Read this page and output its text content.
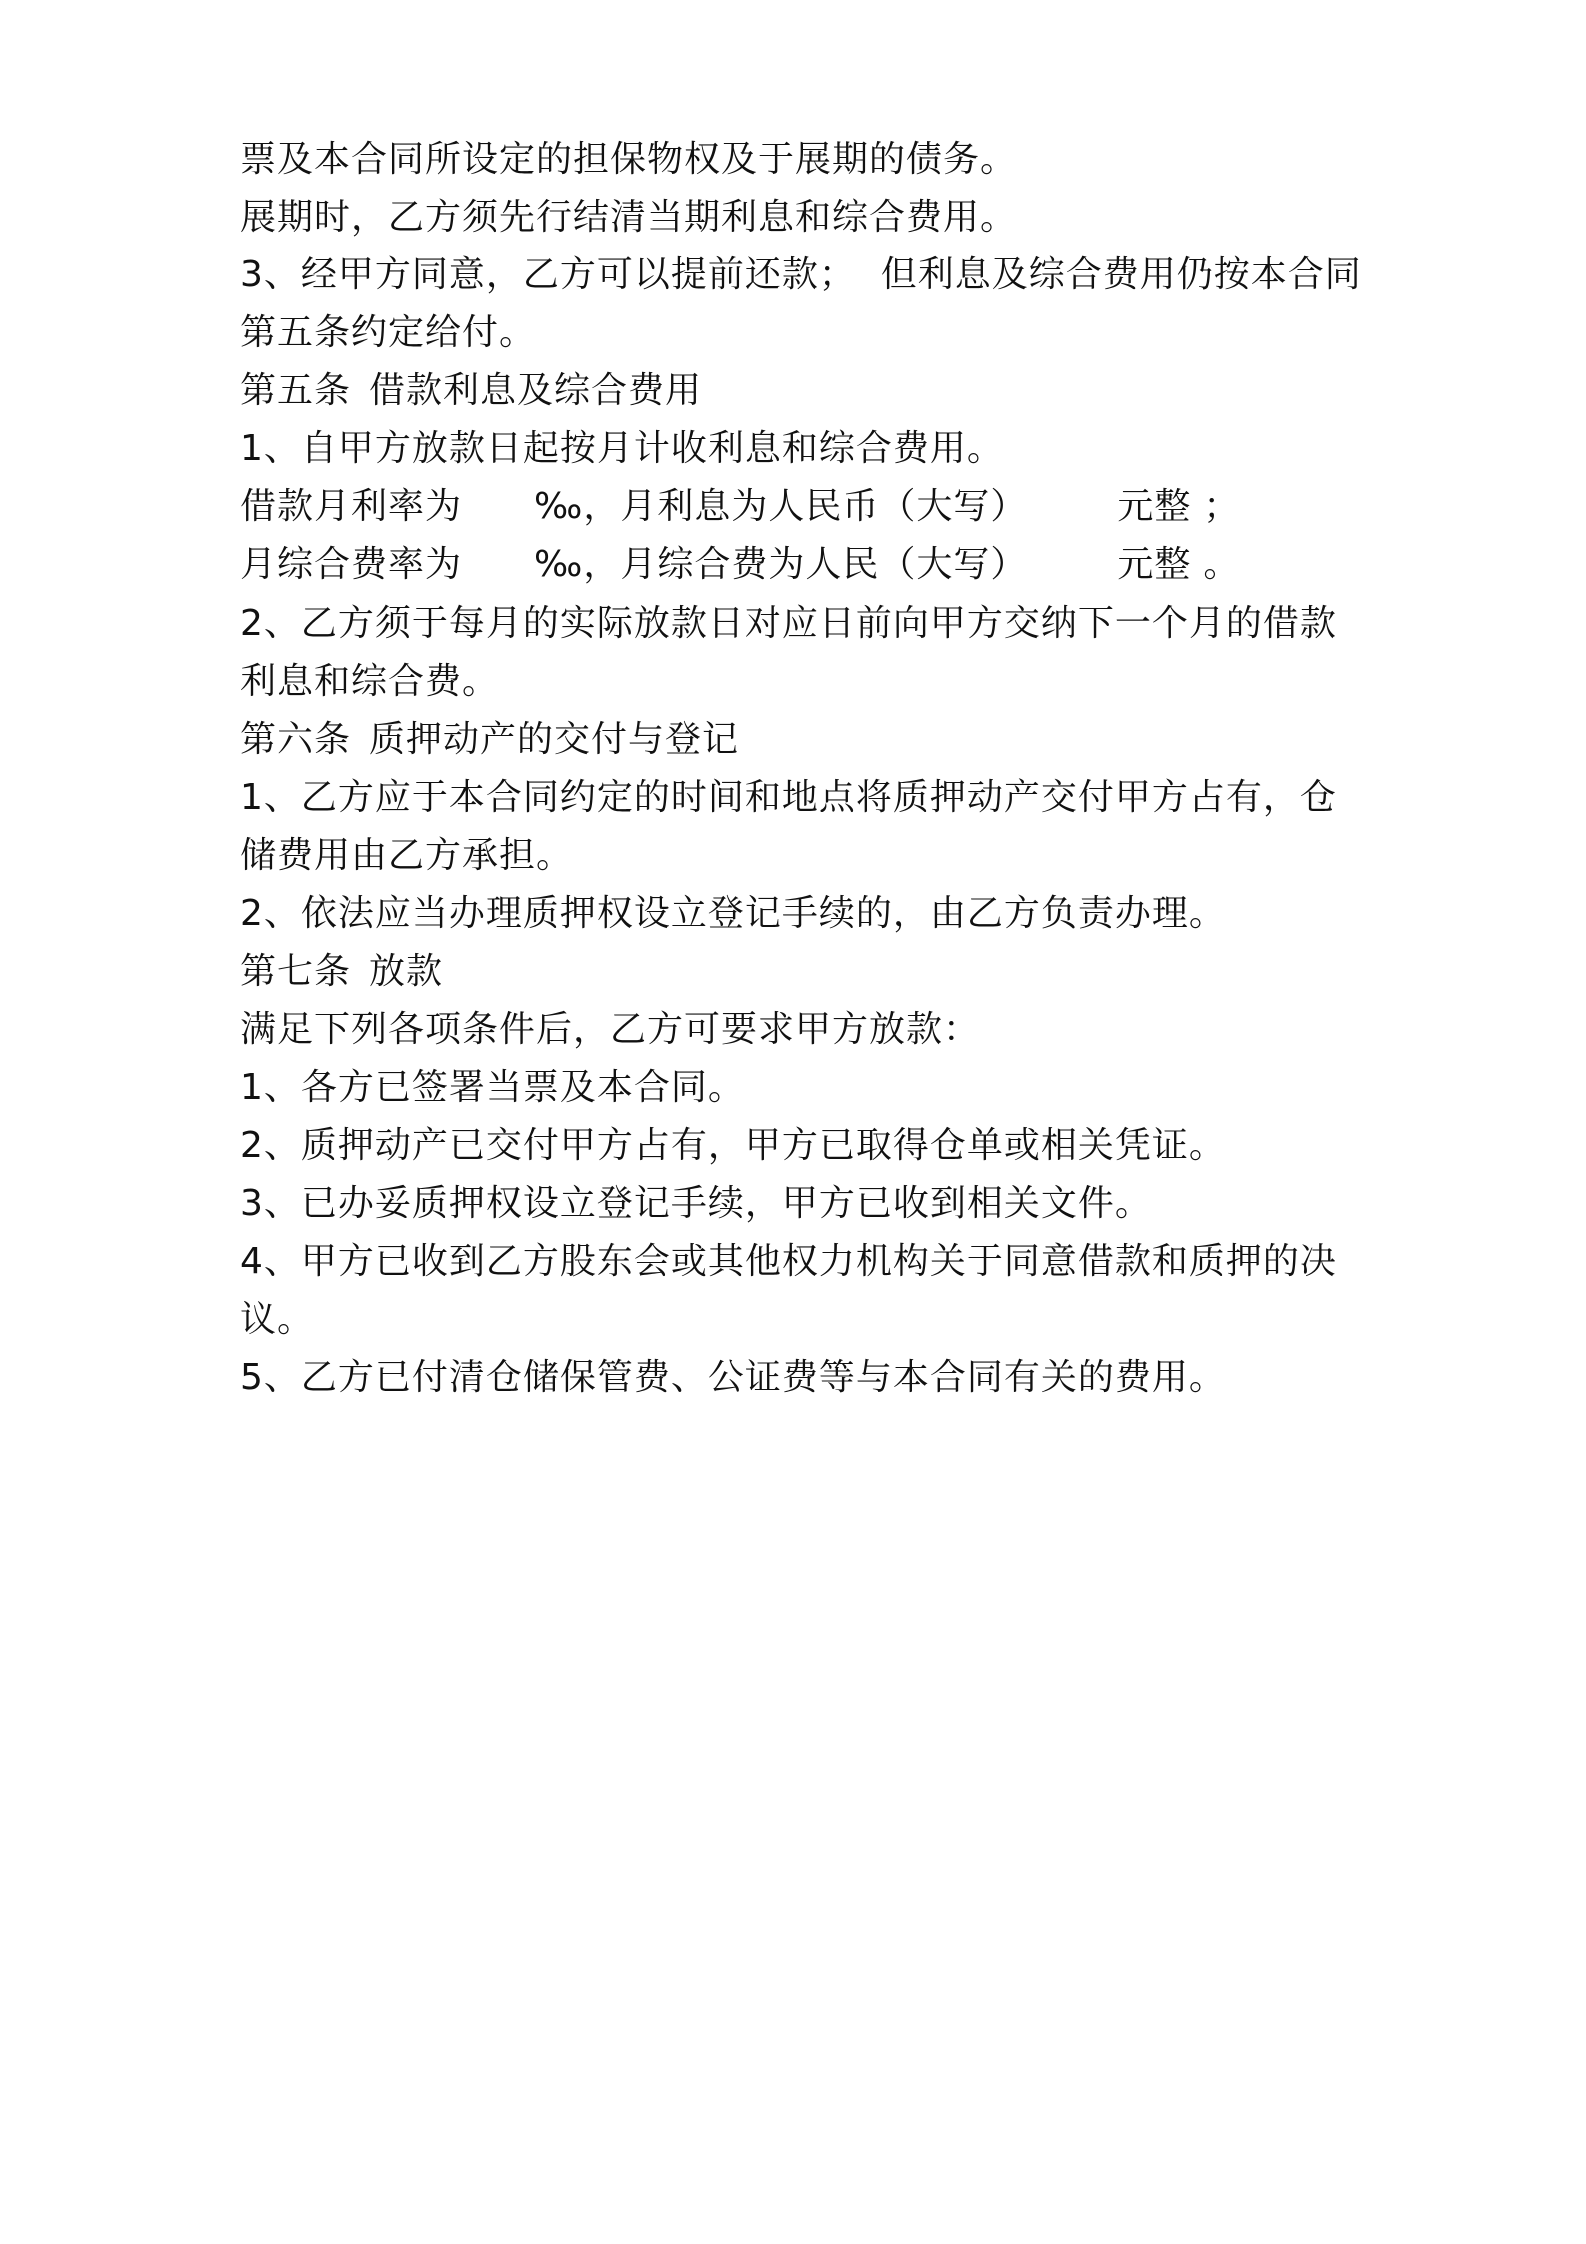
票及本合同所设定的担保物权及于展期的债务。
展期时，乙方须先行结清当期利息和综合费用。
3、经甲方同意，乙方可以提前还款；  但利息及综合费用仍按本合同
第五条约定给付。
第五条 借款利息及综合费用
1、自甲方放款日起按月计收利息和综合费用。
借款月利率为 ‰，月利息为人民币（大写）	元整 ；
月综合费率为 ‰，月综合费为人民（大写）	元整 。
2、乙方须于每月的实际放款日对应日前向甲方交纳下一个月的借款
利息和综合费。
第六条 质押动产的交付与登记
1、乙方应于本合同约定的时间和地点将质押动产交付甲方占有，仓
储费用由乙方承担。
2、依法应当办理质押权设立登记手续的，由乙方负责办理。
第七条 放款
满足下列各项条件后，乙方可要求甲方放款：
1、各方已签署当票及本合同。
2、质押动产已交付甲方占有，甲方已取得仓单或相关凭证。
3、已办妥质押权设立登记手续，甲方已收到相关文件。
4、甲方已收到乙方股东会或其他权力机构关于同意借款和质押的决
议。
5、乙方已付清仓储保管费、公证费等与本合同有关的费用。
